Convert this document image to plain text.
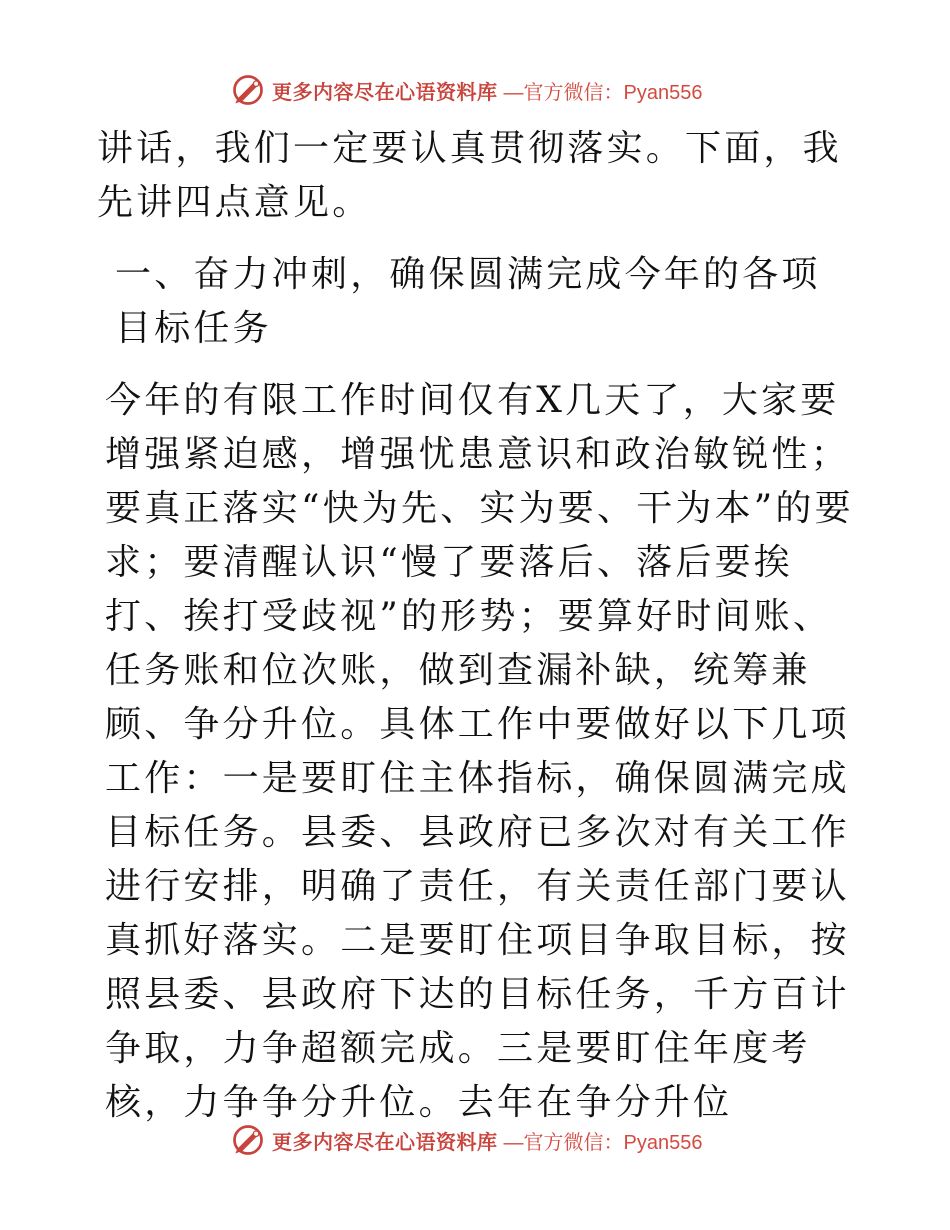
更多内容尽在心语资料库 —官方微信：Pyan556

讲话，我们一定要认真贯彻落实。下面，我先讲四点意见。

一、奋力冲刺，确保圆满完成今年的各项目标任务

今年的有限工作时间仅有X几天了，大家要增强紧迫感，增强忧患意识和政治敏锐性；要真正落实“快为先、实为要、干为本”的要求；要清醒认识“慢了要落后、落后要挨打、挨打受歧视”的形势；要算好时间账、任务账和位次账，做到查漏补缺，统筹兼顾、争分升位。具体工作中要做好以下几项工作：一是要盯住主体指标，确保圆满完成目标任务。县委、县政府已多次对有关工作进行安排，明确了责任，有关责任部门要认真抓好落实。二是要盯住项目争取目标，按照县委、县政府下达的目标任务，千方百计争取，力争超额完成。三是要盯住年度考核，力争争分升位。去年在争分升位

更多内容尽在心语资料库 —官方微信：Pyan556
